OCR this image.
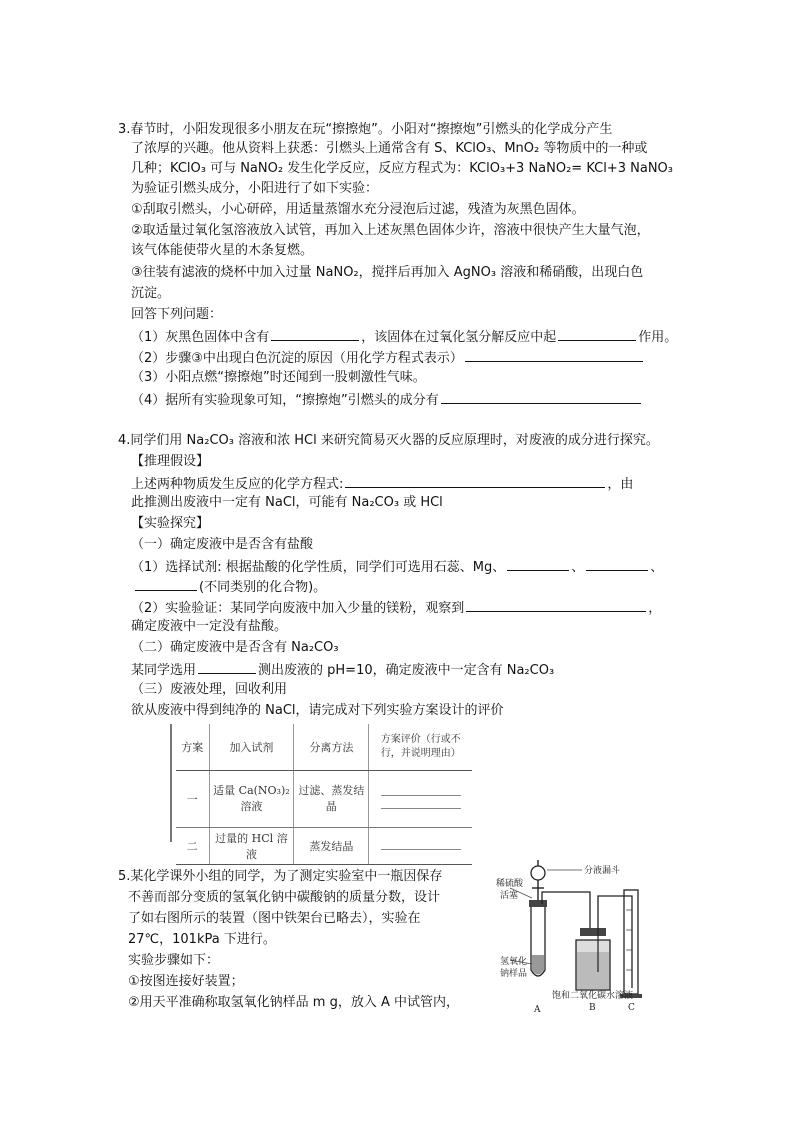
3.春节时，小阳发现很多小朋友在玩“擦擦炮”。小阳对“擦擦炮”引燃头的化学成分产生
了浓厚的兴趣。他从资料上获悉：引燃头上通常含有 S、KClO₃、MnO₂ 等物质中的一种或
几种；KClO₃ 可与 NaNO₂ 发生化学反应，反应方程式为：KClO₃+3 NaNO₂= KCl+3 NaNO₃
为验证引燃头成分，小阳进行了如下实验：
①刮取引燃头，小心研碎，用适量蒸馏水充分浸泡后过滤，残渣为灰黑色固体。
②取适量过氧化氢溶液放入试管，再加入上述灰黑色固体少许，溶液中很快产生大量气泡，
该气体能使带火星的木条复燃。
③往装有滤液的烧杯中加入过量 NaNO₂，搅拌后再加入 AgNO₃ 溶液和稀硝酸，出现白色
沉淀。
回答下列问题：
（1）灰黑色固体中含有	，该固体在过氧化氢分解反应中起	作用。
（2）步骤③中出现白色沉淀的原因（用化学方程式表示）
（3）小阳点燃“擦擦炮”时还闻到一股刺激性气味。
（4）据所有实验现象可知，“擦擦炮”引燃头的成分有
4.同学们用 Na₂CO₃ 溶液和浓 HCl 来研究简易灭火器的反应原理时，对废液的成分进行探究。
【推理假设】
上述两种物质发生反应的化学方程式:	，由
此推测出废液中一定有 NaCl，可能有 Na₂CO₃ 或 HCl
【实验探究】
（一）确定废液中是否含有盐酸
（1）选择试剂: 根据盐酸的化学性质，同学们可选用石蕊、Mg、	、	、
(不同类别的化合物)。
（2）实验验证：某同学向废液中加入少量的镁粉，观察到	，
确定废液中一定没有盐酸。
（二）确定废液中是否含有 Na₂CO₃
某同学选用	测出废液的 pH=10，确定废液中一定含有 Na₂CO₃
（三）废液处理，回收利用
欲从废液中得到纯净的 NaCl，请完成对下列实验方案设计的评价
方案	加入试剂	分离方法	方案评价（行或不行，并说明理由）
一	适量 Ca(NO₃)₂ 溶液	过滤、蒸发结晶	

二	过量的 HCl 溶液	蒸发结晶	
5.某化学课外小组的同学，为了测定实验室中一瓶因保存
不善而部分变质的氢氧化钠中碳酸钠的质量分数，设计
了如右图所示的装置（图中铁架台已略去），实验在
27℃，101kPa 下进行。
实验步骤如下：
①按图连接好装置；
②用天平准确称取氢氧化钠样品 m g，放入 A 中试管内，
分液漏斗
稀硫酸
活塞
氢氧化
钠样品
饱和二氧化碳水溶液
A	B	C
